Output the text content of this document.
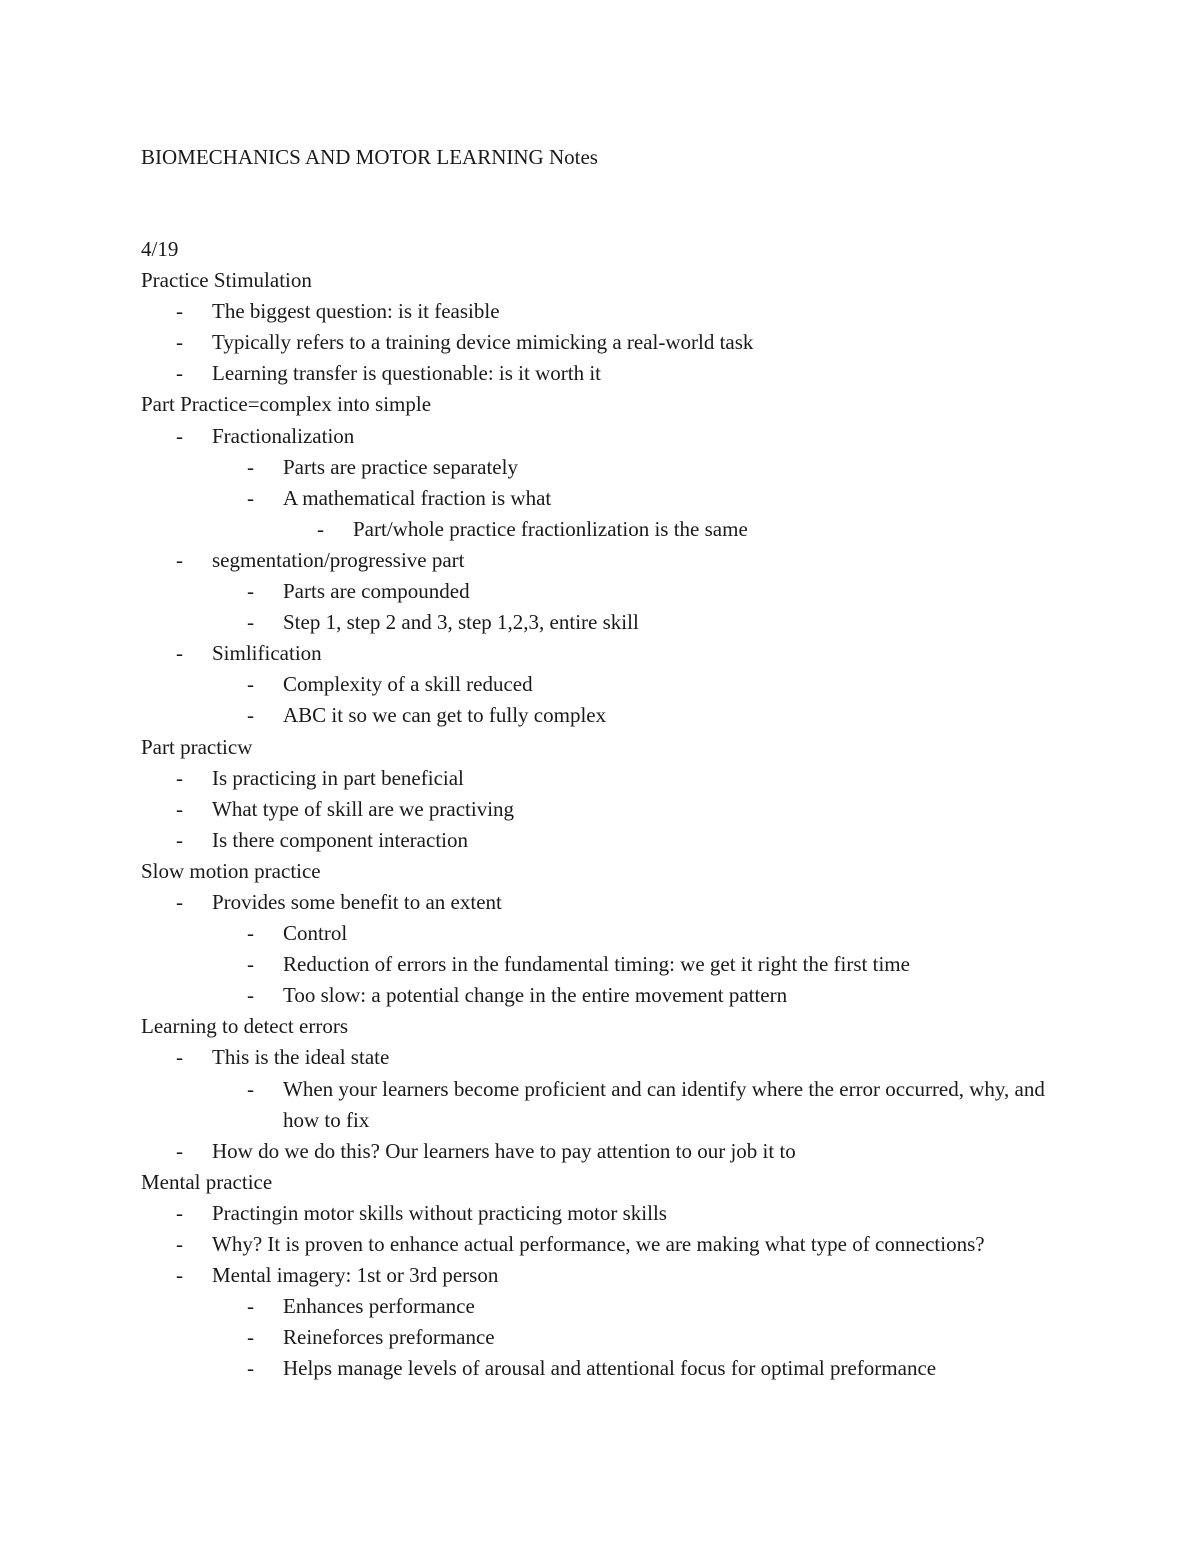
BIOMECHANICS AND MOTOR LEARNING Notes
4/19
Practice Stimulation
- The biggest question: is it feasible
- Typically refers to a training device mimicking a real-world task
- Learning transfer is questionable: is it worth it
Part Practice=complex into simple
- Fractionalization
- Parts are practice separately
- A mathematical fraction is what
- Part/whole practice fractionlization is the same
- segmentation/progressive part
- Parts are compounded
- Step 1, step 2 and 3, step 1,2,3, entire skill
- Simlification
- Complexity of a skill reduced
- ABC it so we can get to fully complex
Part practicw
- Is practicing in part beneficial
- What type of skill are we practiving
- Is there component interaction
Slow motion practice
- Provides some benefit to an extent
- Control
- Reduction of errors in the fundamental timing: we get it right the first time
- Too slow: a potential change in the entire movement pattern
Learning to detect errors
- This is the ideal state
- When your learners become proficient and can identify where the error occurred, why, and how to fix
- How do we do this? Our learners have to pay attention to our job it to
Mental practice
- Practingin motor skills without practicing motor skills
- Why? It is proven to enhance actual performance, we are making what type of connections?
- Mental imagery: 1st or 3rd person
- Enhances performance
- Reineforces preformance
- Helps manage levels of arousal and attentional focus for optimal preformance
